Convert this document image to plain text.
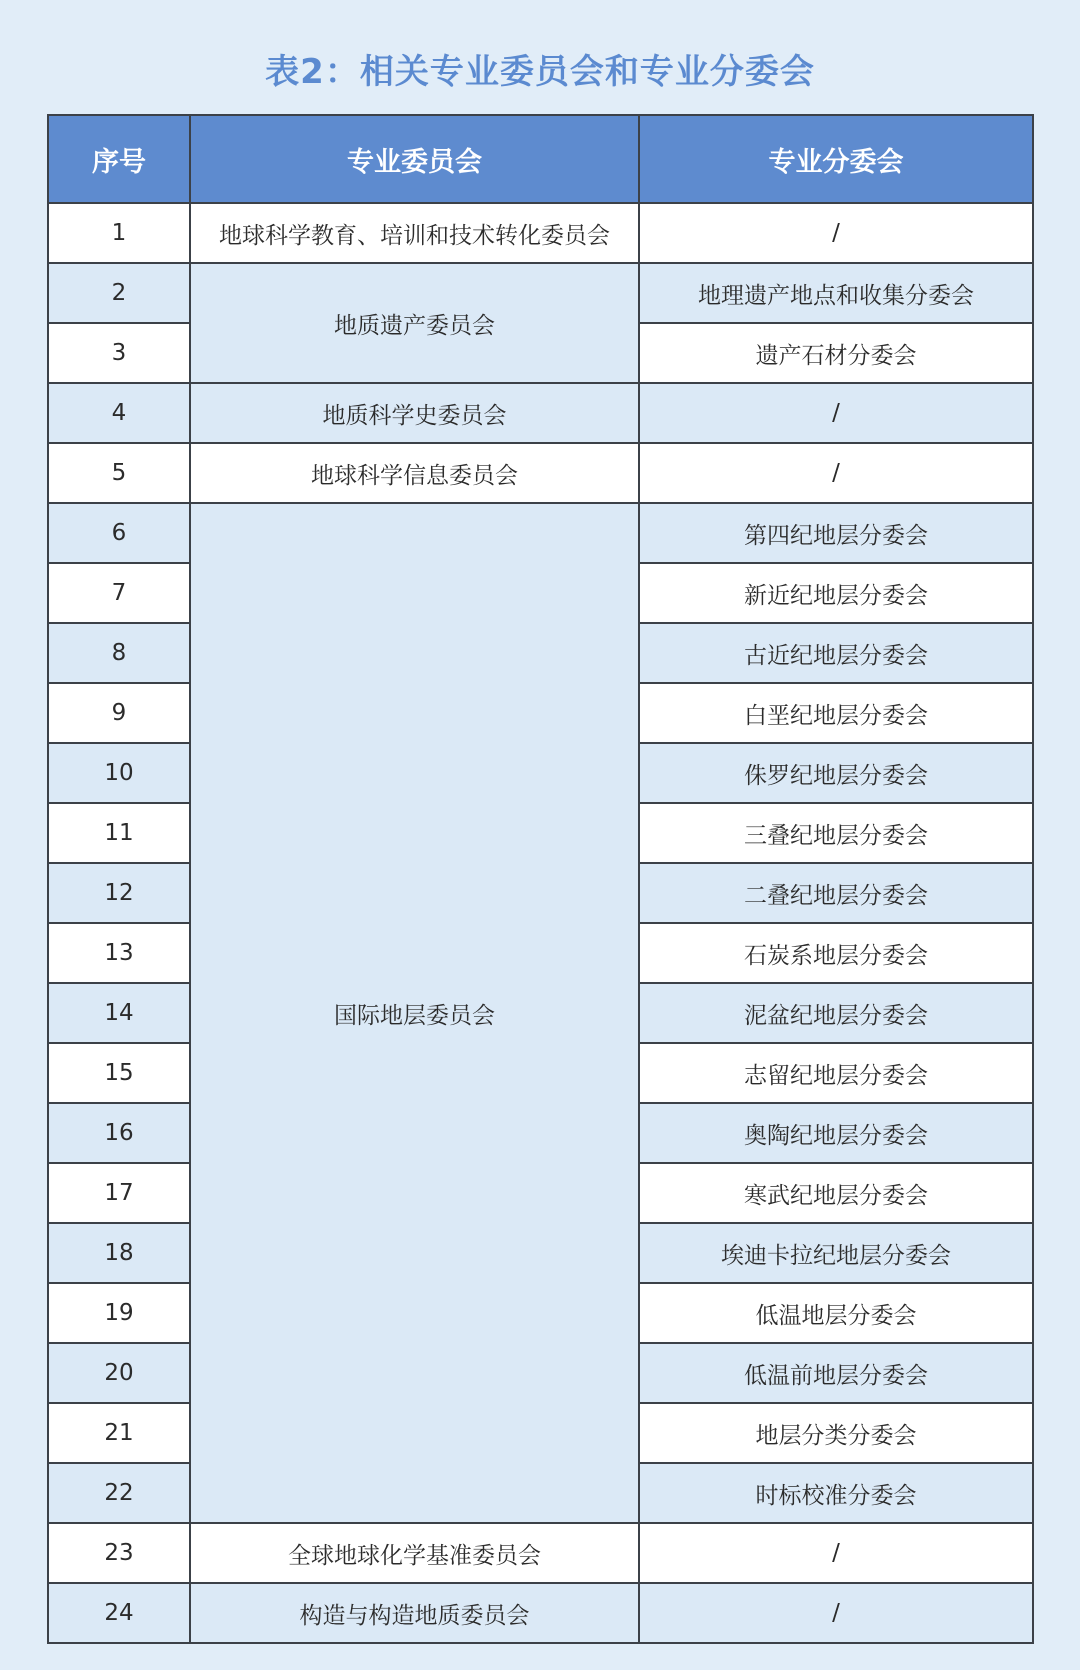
表2：相关专业委员会和专业分委会
序号	专业委员会	专业分委会
1	地球科学教育、培训和技术转化委员会	/
2	地质遗产委员会	地理遗产地点和收集分委会
3		遗产石材分委会
4	地质科学史委员会	/
5	地球科学信息委员会	/
6	国际地层委员会	第四纪地层分委会
7		新近纪地层分委会
8		古近纪地层分委会
9		白垩纪地层分委会
10		侏罗纪地层分委会
11		三叠纪地层分委会
12		二叠纪地层分委会
13		石炭系地层分委会
14		泥盆纪地层分委会
15		志留纪地层分委会
16		奥陶纪地层分委会
17		寒武纪地层分委会
18		埃迪卡拉纪地层分委会
19		低温地层分委会
20		低温前地层分委会
21		地层分类分委会
22		时标校准分委会
23	全球地球化学基准委员会	/
24	构造与构造地质委员会	/
